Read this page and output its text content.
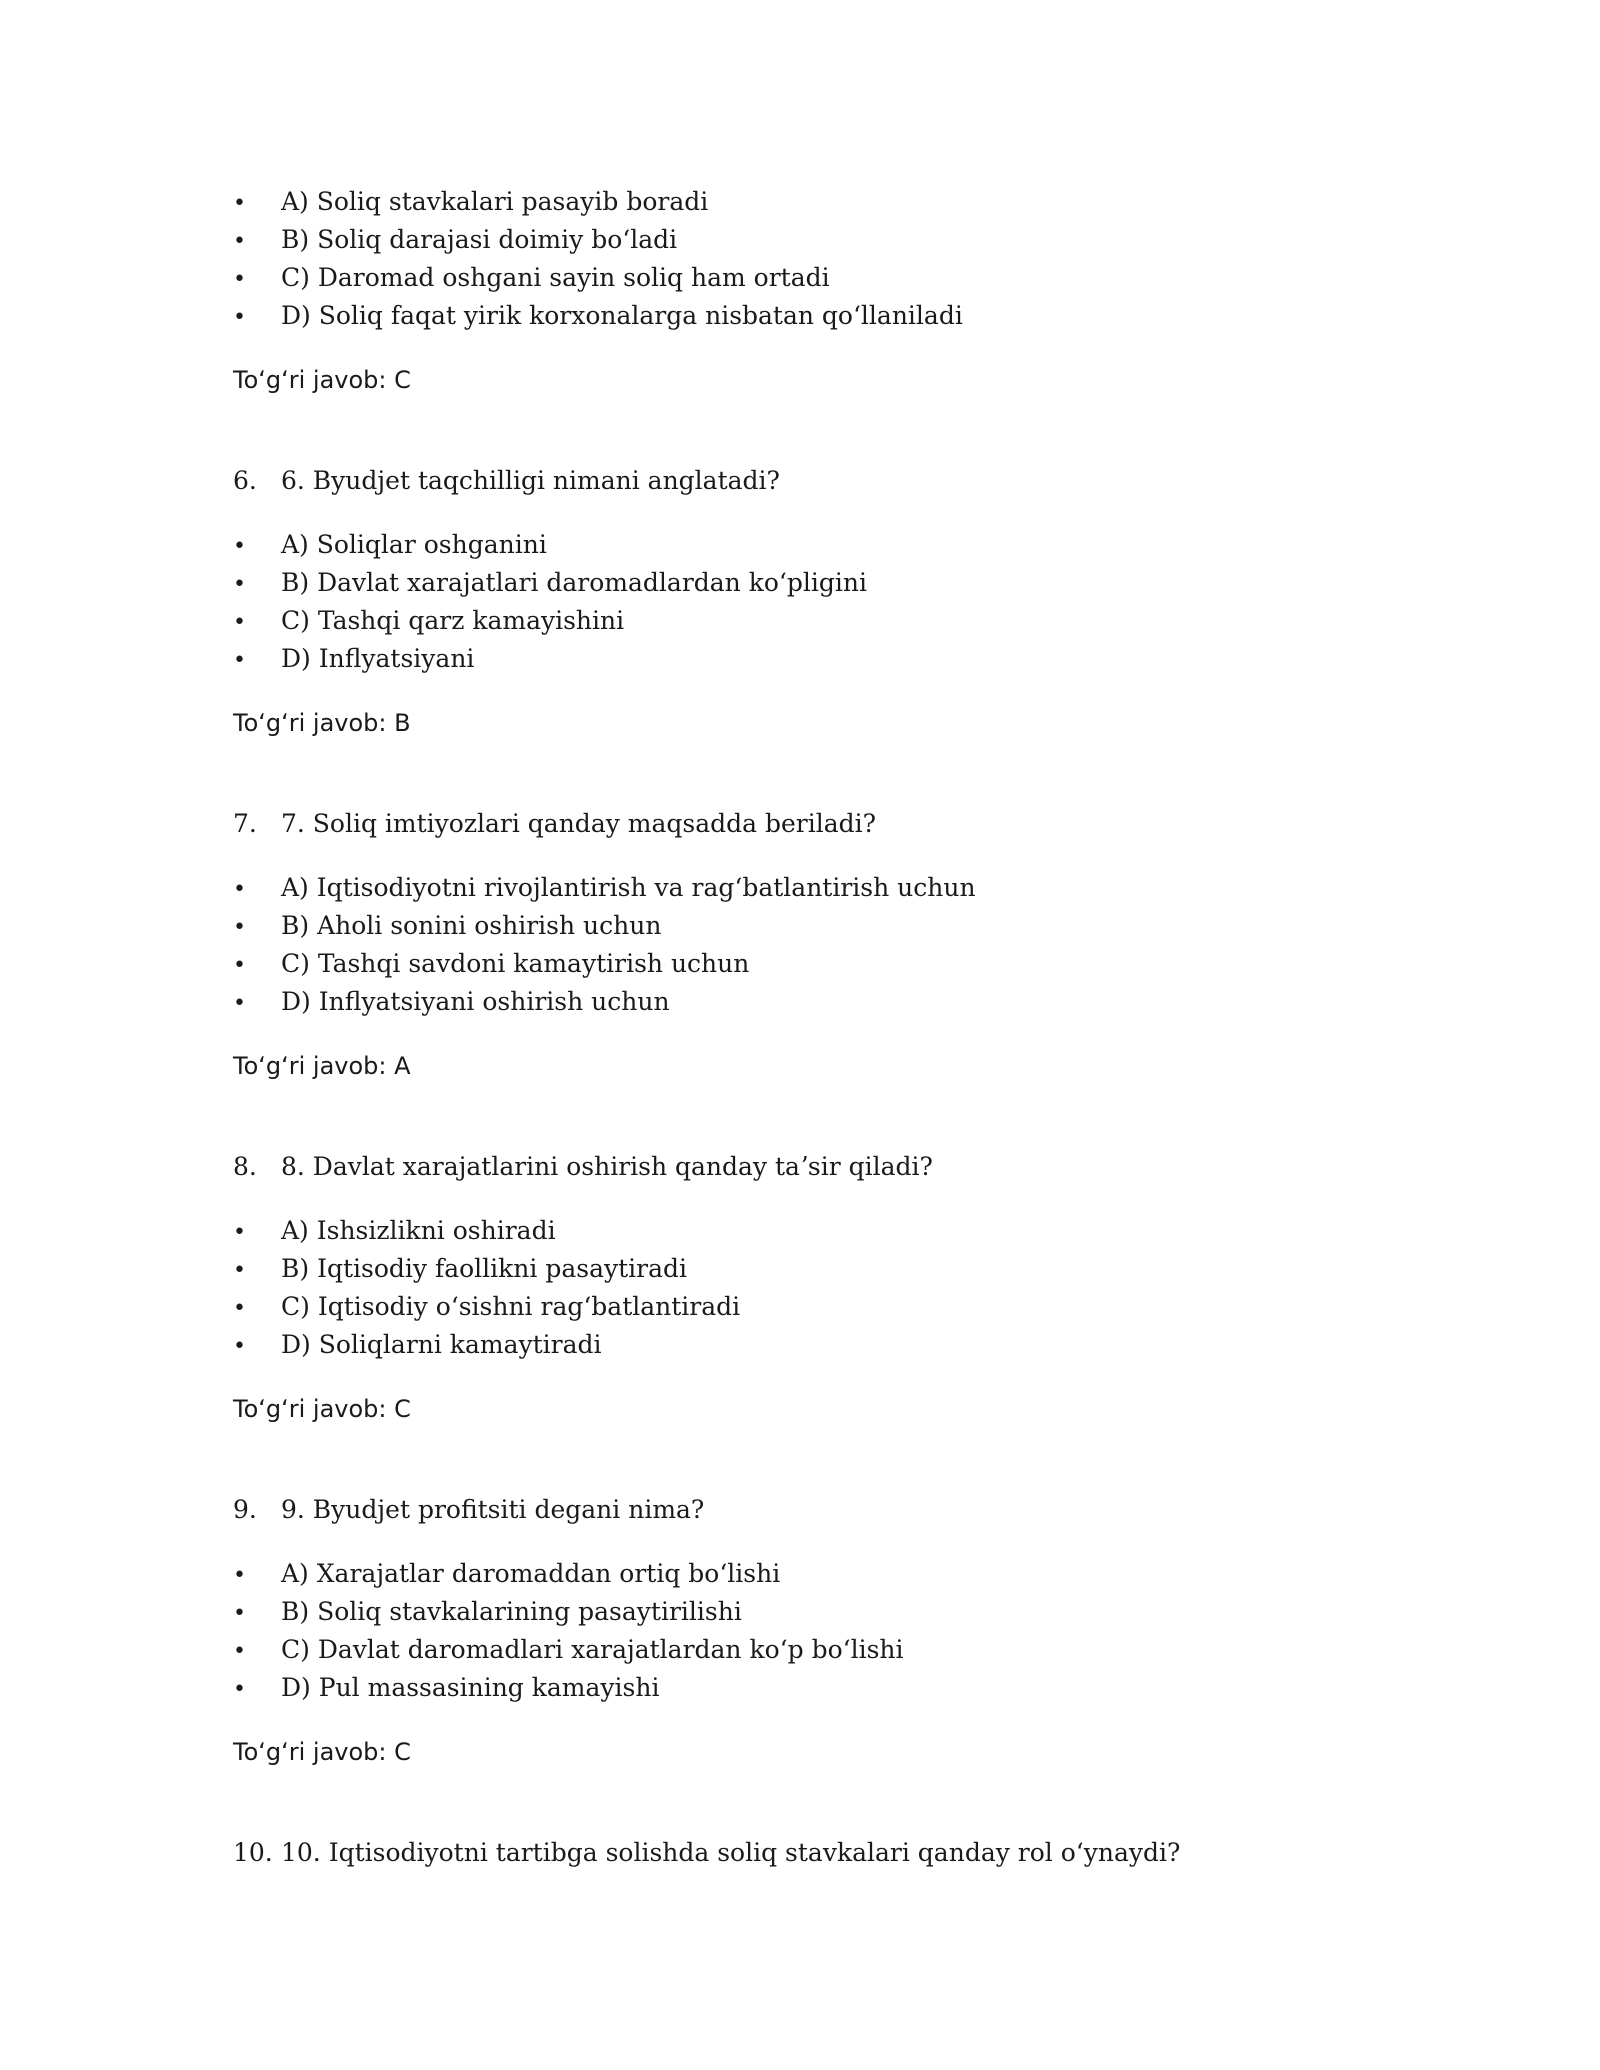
• A) Soliq stavkalari pasayib boradi
• B) Soliq darajasi doimiy boʻladi
• C) Daromad oshgani sayin soliq ham ortadi
• D) Soliq faqat yirik korxonalarga nisbatan qoʻllaniladi
Toʻgʻri javob: C
6. 6. Byudjet taqchilligi nimani anglatadi?
• A) Soliqlar oshganini
• B) Davlat xarajatlari daromadlardan koʻpligini
• C) Tashqi qarz kamayishini
• D) Inflyatsiyani
Toʻgʻri javob: B
7. 7. Soliq imtiyozlari qanday maqsadda beriladi?
• A) Iqtisodiyotni rivojlantirish va ragʻbatlantirish uchun
• B) Aholi sonini oshirish uchun
• C) Tashqi savdoni kamaytirish uchun
• D) Inflyatsiyani oshirish uchun
Toʻgʻri javob: A
8. 8. Davlat xarajatlarini oshirish qanday taʼsir qiladi?
• A) Ishsizlikni oshiradi
• B) Iqtisodiy faollikni pasaytiradi
• C) Iqtisodiy oʻsishni ragʻbatlantiradi
• D) Soliqlarni kamaytiradi
Toʻgʻri javob: C
9. 9. Byudjet profitsiti degani nima?
• A) Xarajatlar daromaddan ortiq boʻlishi
• B) Soliq stavkalarining pasaytirilishi
• C) Davlat daromadlari xarajatlardan koʻp boʻlishi
• D) Pul massasining kamayishi
Toʻgʻri javob: C
10. 10. Iqtisodiyotni tartibga solishda soliq stavkalari qanday rol oʻynaydi?
